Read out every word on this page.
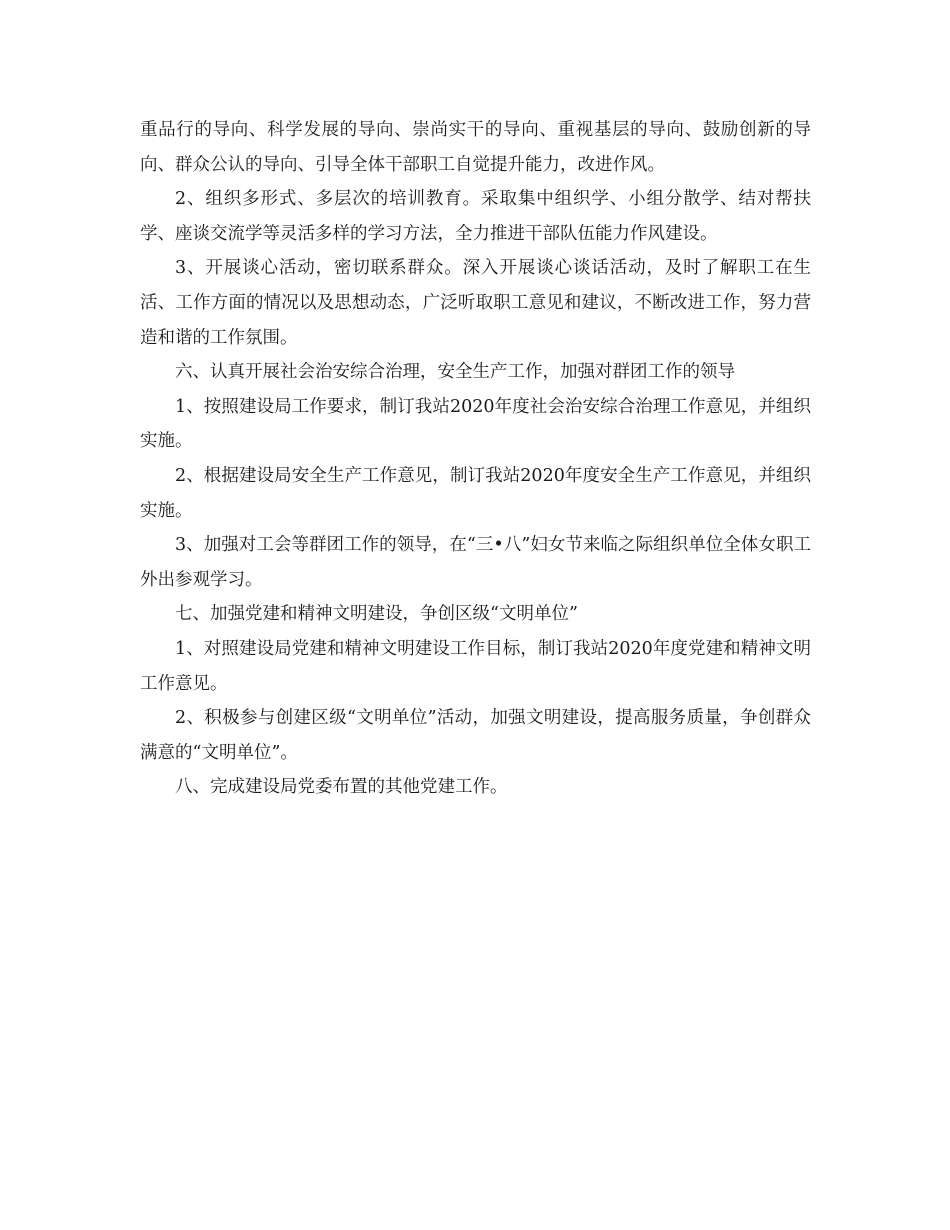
重品行的导向、科学发展的导向、崇尚实干的导向、重视基层的导向、鼓励创新的导向、群众公认的导向、引导全体干部职工自觉提升能力，改进作风。

2、组织多形式、多层次的培训教育。采取集中组织学、小组分散学、结对帮扶学、座谈交流学等灵活多样的学习方法，全力推进干部队伍能力作风建设。

3、开展谈心活动，密切联系群众。深入开展谈心谈话活动，及时了解职工在生活、工作方面的情况以及思想动态，广泛听取职工意见和建议，不断改进工作，努力营造和谐的工作氛围。

六、认真开展社会治安综合治理，安全生产工作，加强对群团工作的领导

1、按照建设局工作要求，制订我站2020年度社会治安综合治理工作意见，并组织实施。

2、根据建设局安全生产工作意见，制订我站2020年度安全生产工作意见，并组织实施。

3、加强对工会等群团工作的领导，在“三•八”妇女节来临之际组织单位全体女职工外出参观学习。

七、加强党建和精神文明建设，争创区级“文明单位”

1、对照建设局党建和精神文明建设工作目标，制订我站2020年度党建和精神文明工作意见。

2、积极参与创建区级“文明单位”活动，加强文明建设，提高服务质量，争创群众满意的“文明单位”。

八、完成建设局党委布置的其他党建工作。
